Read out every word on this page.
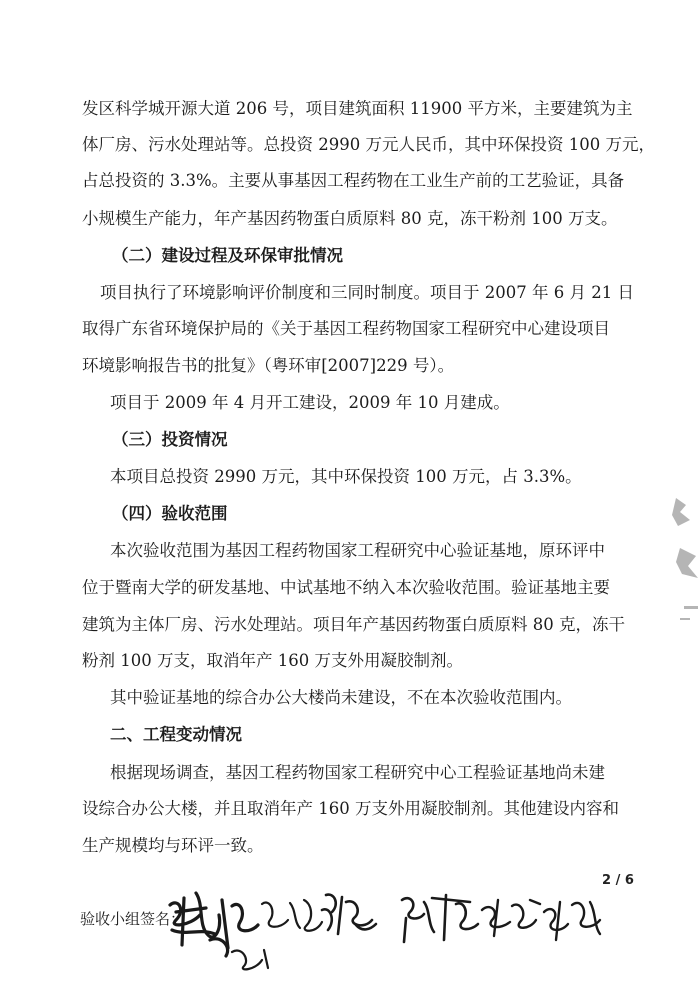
发区科学城开源大道 206 号，项目建筑面积 11900 平方米，主要建筑为主
体厂房、污水处理站等。总投资 2990 万元人民币，其中环保投资 100 万元，
占总投资的 3.3%。主要从事基因工程药物在工业生产前的工艺验证，具备
小规模生产能力，年产基因药物蛋白质原料 80 克，冻干粉剂 100 万支。
（二）建设过程及环保审批情况
项目执行了环境影响评价制度和三同时制度。项目于 2007 年 6 月 21 日
取得广东省环境保护局的《关于基因工程药物国家工程研究中心建设项目
环境影响报告书的批复》（粤环审[2007]229 号）。
项目于 2009 年 4 月开工建设，2009 年 10 月建成。
（三）投资情况
本项目总投资 2990 万元，其中环保投资 100 万元，占 3.3%。
（四）验收范围
本次验收范围为基因工程药物国家工程研究中心验证基地，原环评中
位于暨南大学的研发基地、中试基地不纳入本次验收范围。验证基地主要
建筑为主体厂房、污水处理站。项目年产基因药物蛋白质原料 80 克，冻干
粉剂 100 万支，取消年产 160 万支外用凝胶制剂。
其中验证基地的综合办公大楼尚未建设，不在本次验收范围内。
二、工程变动情况
根据现场调查，基因工程药物国家工程研究中心工程验证基地尚未建
设综合办公大楼，并且取消年产 160 万支外用凝胶制剂。其他建设内容和
生产规模均与环评一致。
2 / 6
验收小组签名：
